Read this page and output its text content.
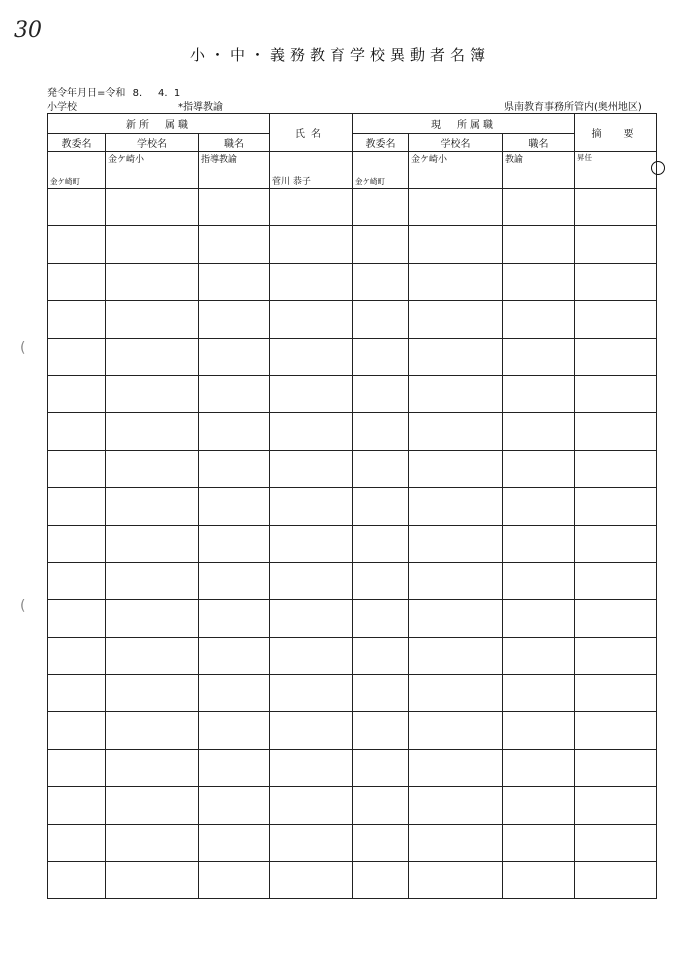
30
小・中・義務教育学校異動者名簿
発令年月日=令和 8.     4.  1
小学校	*指導教諭	県南教育事務所管内(奥州地区)
新所　属職			氏名	現　所属職			摘　要
教委名	学校名	職名		教委名	学校名	職名	
金ケ崎町	金ケ崎小	指導教諭	菅川 恭子	金ケ崎町	金ケ崎小	教諭	昇任

(
(
